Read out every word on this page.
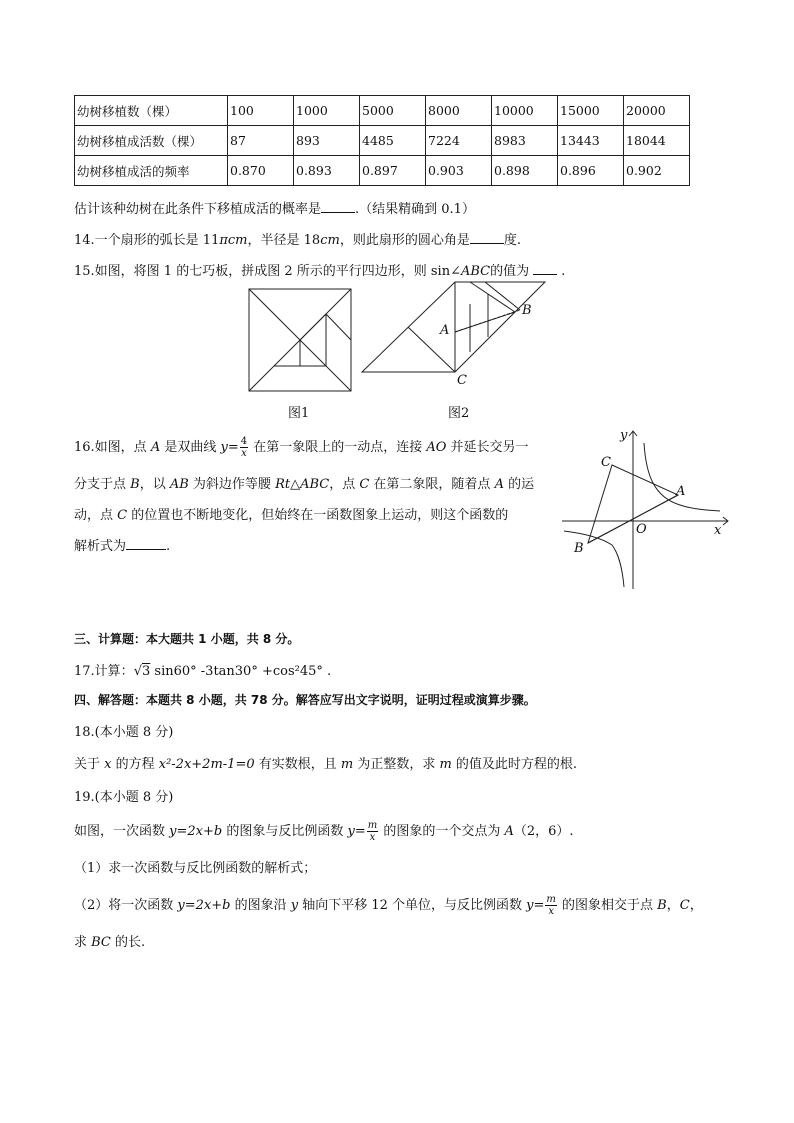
幼树移植数（棵）	100	1000	5000	8000	10000	15000	20000
幼树移植成活数（棵）	87	893	4485	7224	8983	13443	18044
幼树移植成活的频率	0.870	0.893	0.897	0.903	0.898	0.896	0.902
估计该种幼树在此条件下移植成活的概率是	.（结果精确到 0.1）
14.一个扇形的弧长是 11πcm，半径是 18cm，则此扇形的圆心角是	度.
15.如图，将图 1 的七巧板，拼成图 2 所示的平行四边形，则 sin∠ABC的值为 .
图1
A
B
C
图2
16.如图，点 A 是双曲线 $y= \frac{4}{x}$ 在第一象限上的一动点，连接 AO 并延长交另一
分支于点 B，以 AB 为斜边作等腰 Rt△ABC，点 C 在第二象限，随着点 A 的运
动，点 C 的位置也不断地变化，但始终在一函数图象上运动，则这个函数的
解析式为	.
y
x
O
A
B
C
三、计算题：本大题共 1 小题，共 8 分。
17.计算：√3 sin60° -3tan30° +cos²45° .
四、解答题：本题共 8 小题，共 78 分。解答应写出文字说明，证明过程或演算步骤。
18.(本小题 8 分)
关于 x 的方程 x²-2x+2m-1=0 有实数根，且 m 为正整数，求 m 的值及此时方程的根.
19.(本小题 8 分)
如图，一次函数 y=2x+b 的图象与反比例函数 $y= \frac{m}{x}$ 的图象的一个交点为 A（2，6）.
（1）求一次函数与反比例函数的解析式；
（2）将一次函数 y=2x+b 的图象沿 y 轴向下平移 12 个单位，与反比例函数 $y= \frac{m}{x}$ 的图象相交于点 B，C，
求 BC 的长.
